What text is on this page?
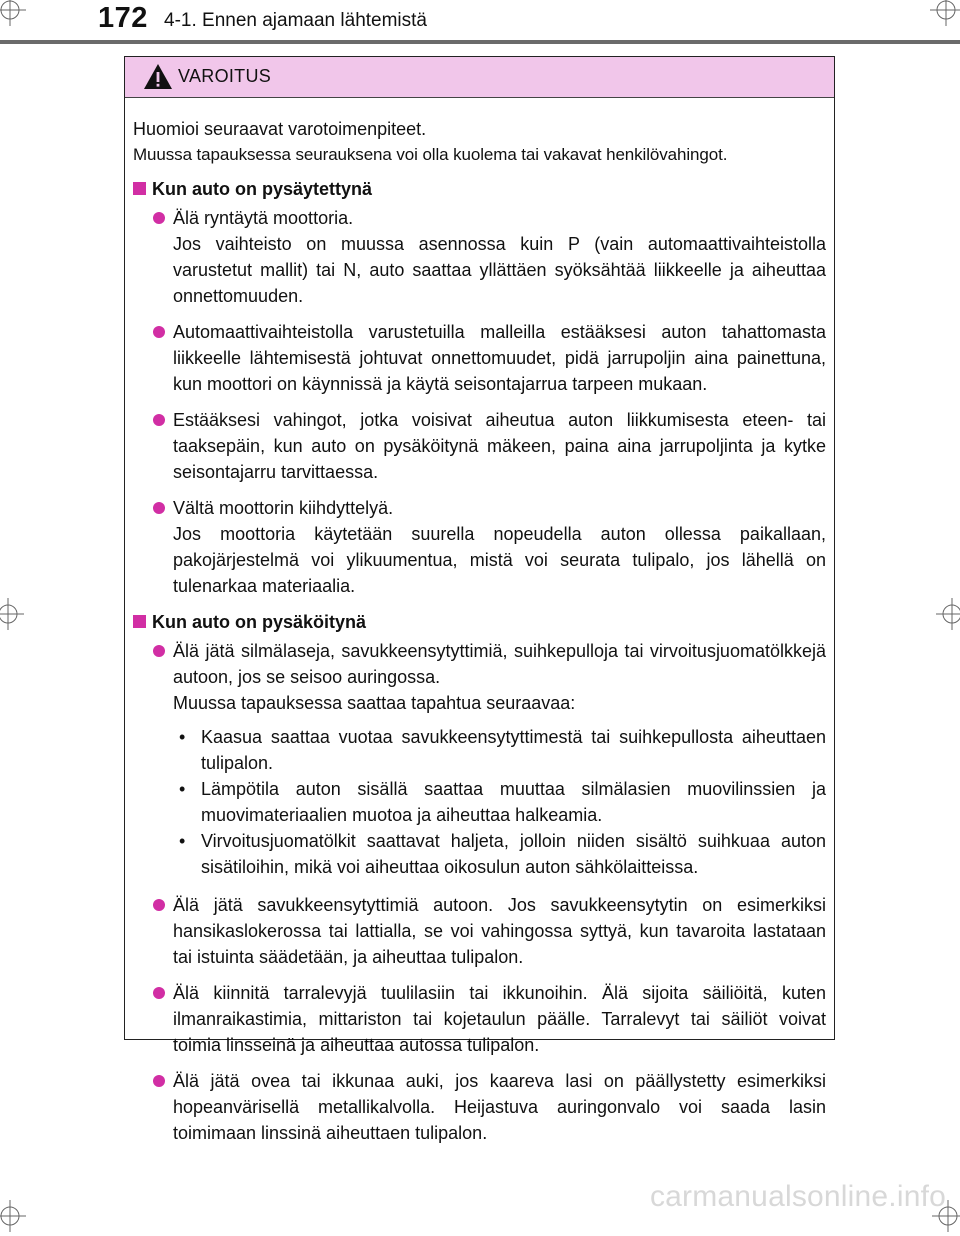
172 4-1. Ennen ajamaan lähtemistä
VAROITUS

Huomioi seuraavat varotoimenpiteet.

Muussa tapauksessa seurauksena voi olla kuolema tai vakavat henkilövahingot.

Kun auto on pysäytettynä
Älä ryntäytä moottoria.
Jos vaihteisto on muussa asennossa kuin P (vain automaattivaihteistolla varustetut mallit) tai N, auto saattaa yllättäen syöksähtää liikkeelle ja aiheuttaa onnettomuuden.
Automaattivaihteistolla varustetuilla malleilla estääksesi auton tahattomasta liikkeelle lähtemisestä johtuvat onnettomuudet, pidä jarrupoljin aina painettuna, kun moottori on käynnissä ja käytä seisontajarrua tarpeen mukaan.
Estääksesi vahingot, jotka voisivat aiheutua auton liikkumisesta eteen- tai taaksepäin, kun auto on pysäköitynä mäkeen, paina aina jarrupoljinta ja kytke seisontajarru tarvittaessa.
Vältä moottorin kiihdyttelyä.
Jos moottoria käytetään suurella nopeudella auton ollessa paikallaan, pakojärjestelmä voi ylikuumentua, mistä voi seurata tulipalo, jos lähellä on tulenarkaa materiaalia.
Kun auto on pysäköitynä
Älä jätä silmälaseja, savukkeensytyttimiä, suihkepulloja tai virvoitusjuomatölkkejä autoon, jos se seisoo auringossa.
Muussa tapauksessa saattaa tapahtua seuraavaa:
• Kaasua saattaa vuotaa savukkeensytyttimestä tai suihkepullosta aiheuttaen tulipalon.
• Lämpötila auton sisällä saattaa muuttaa silmälasien muovilinssien ja muovimateriaalien muotoa ja aiheuttaa halkeamia.
• Virvoitusjuomatölkit saattavat haljeta, jolloin niiden sisältö suihkuaa auton sisätiloihin, mikä voi aiheuttaa oikosulun auton sähkölaitteissa.
Älä jätä savukkeensytyttimiä autoon. Jos savukkeensytytin on esimerkiksi hansikaslokerossa tai lattialla, se voi vahingossa syttyä, kun tavaroita lastataan tai istuinta säädetään, ja aiheuttaa tulipalon.
Älä kiinnitä tarralevyjä tuulilasiin tai ikkunoihin. Älä sijoita säiliöitä, kuten ilmanraikastimia, mittariston tai kojetaulun päälle. Tarralevyt tai säiliöt voivat toimia linsseinä ja aiheuttaa autossa tulipalon.
Älä jätä ovea tai ikkunaa auki, jos kaareva lasi on päällystetty esimerkiksi hopeanvärisellä metallikalvolla. Heijastuva auringonvalo voi saada lasin toimimaan linssinä aiheuttaen tulipalon.
carmanualsonline.info
